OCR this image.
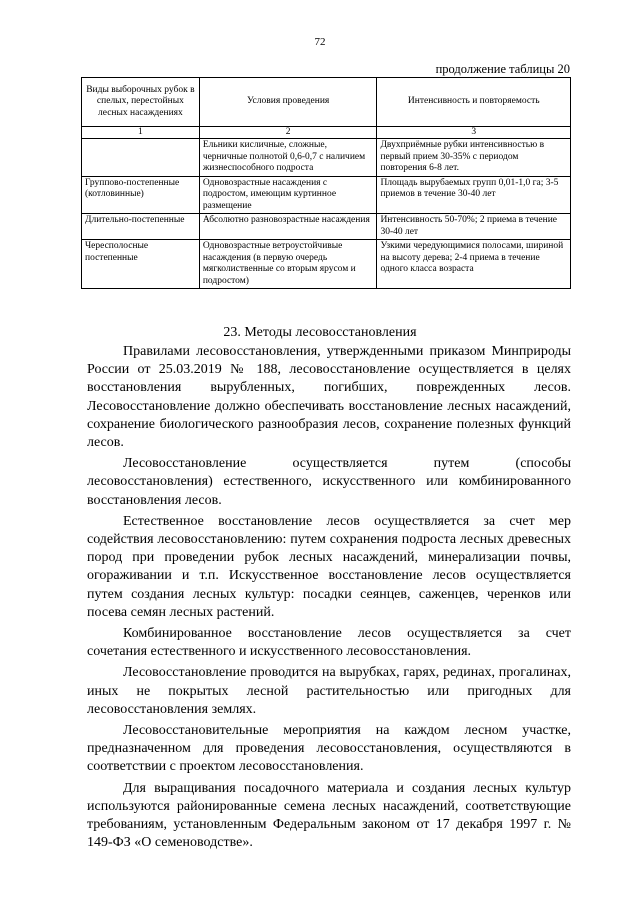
72
продолжение таблицы 20
Виды выборочных рубок в спелых, перестойных лесных насаждениях	Условия проведения	Интенсивность и повторяемость
1	2	3
	Ельники кисличные, сложные, черничные полнотой 0,6-0,7 с наличием жизнеспособного подроста	Двухприёмные рубки интенсивностью в первый прием 30-35% с периодом повторения 6-8 лет.
Группово-постепенные (котловинные)	Одновозрастные насаждения с подростом, имеющим куртинное размещение	Площадь вырубаемых групп 0,01-1,0 га; 3-5 приемов в течение 30-40 лет
Длительно-постепенные	Абсолютно разновозрастные насаждения	Интенсивность 50-70%; 2 приема в течение 30-40 лет
Чересполосные постепенные	Одновозрастные ветроустойчивые насаждения (в первую очередь мягколиственные со вторым ярусом и подростом)	Узкими чередующимися полосами, шириной на высоту дерева; 2-4 приема в течение одного класса возраста
23. Методы лесовосстановления

Правилами лесовосстановления, утвержденными приказом Минприроды России от 25.03.2019 № 188, лесовосстановление осуществляется в целях восстановления вырубленных, погибших, поврежденных лесов. Лесовосстановление должно обеспечивать восстановление лесных насаждений, сохранение биологического разнообразия лесов, сохранение полезных функций лесов.

Лесовосстановление осуществляется путем (способы лесовосстановления) естественного, искусственного или комбинированного восстановления лесов.

Естественное восстановление лесов осуществляется за счет мер содействия лесовосстановлению: путем сохранения подроста лесных древесных пород при проведении рубок лесных насаждений, минерализации почвы, огораживании и т.п. Искусственное восстановление лесов осуществляется путем создания лесных культур: посадки сеянцев, саженцев, черенков или посева семян лесных растений.

Комбинированное восстановление лесов осуществляется за счет сочетания естественного и искусственного лесовосстановления.

Лесовосстановление проводится на вырубках, гарях, рединах, прогалинах, иных не покрытых лесной растительностью или пригодных для лесовосстановления землях.

Лесовосстановительные мероприятия на каждом лесном участке, предназначенном для проведения лесовосстановления, осуществляются в соответствии с проектом лесовосстановления.

Для выращивания посадочного материала и создания лесных культур используются районированные семена лесных насаждений, соответствующие требованиям, установленным Федеральным законом от 17 декабря 1997 г. № 149-ФЗ «О семеноводстве».
